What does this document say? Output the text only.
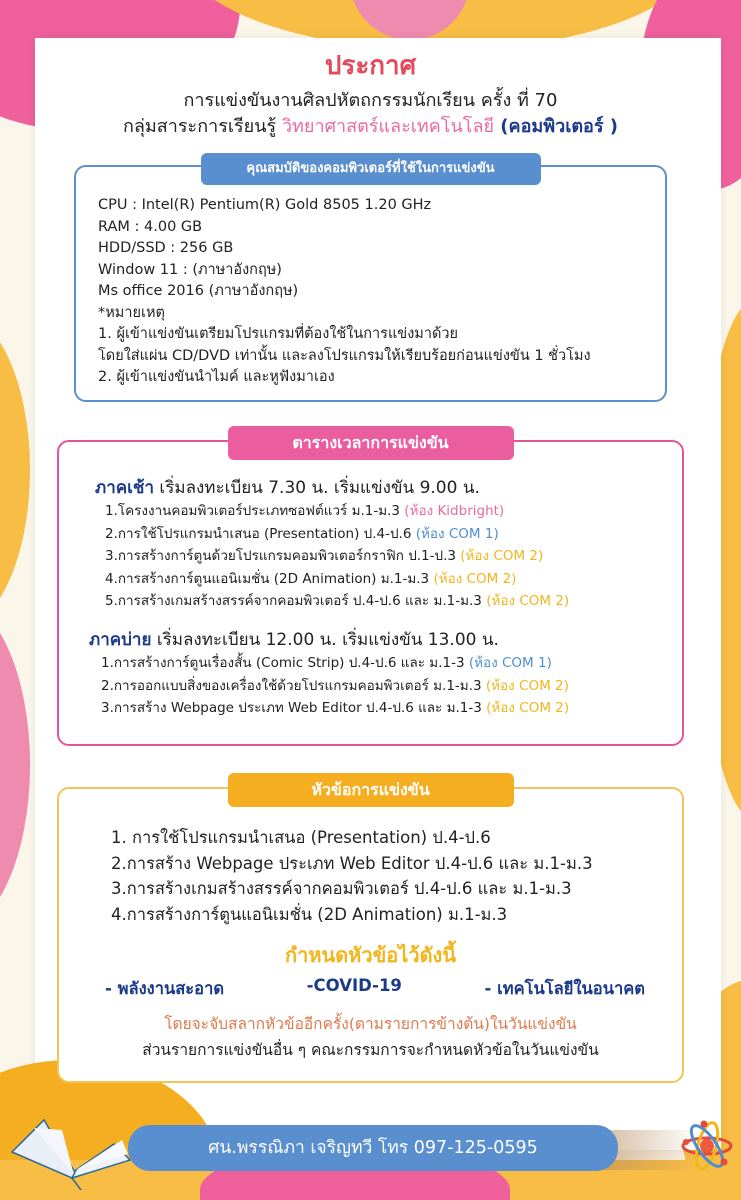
ประกาศ
การแข่งขันงานศิลปหัตถกรรมนักเรียน ครั้ง ที่ 70
กลุ่มสาระการเรียนรู้ วิทยาศาสตร์และเทคโนโลยี (คอมพิวเตอร์ )
คุณสมบัติของคอมพิวเตอร์ที่ใช้ในการแข่งขัน
CPU : Intel(R) Pentium(R) Gold 8505 1.20 GHz
RAM : 4.00 GB
HDD/SSD : 256 GB
Window 11 : (ภาษาอังกฤษ)
Ms office 2016 (ภาษาอังกฤษ)
*หมายเหตุ
1. ผู้เข้าแข่งขันเตรียมโปรแกรมที่ต้องใช้ในการแข่งมาด้วย
โดยใส่แผ่น CD/DVD เท่านั้น และลงโปรแกรมให้เรียบร้อยก่อนแข่งขัน 1 ชั่วโมง
2. ผู้เข้าแข่งขันนำไมค์ และหูฟังมาเอง
ตารางเวลาการแข่งขัน
ภาคเช้า เริ่มลงทะเบียน 7.30 น. เริ่มแข่งขัน 9.00 น.
1.โครงงานคอมพิวเตอร์ประเภทซอฟต์แวร์ ม.1-ม.3 (ห้อง Kidbright)
2.การใช้โปรแกรมนำเสนอ (Presentation) ป.4-ป.6 (ห้อง COM 1)
3.การสร้างการ์ตูนด้วยโปรแกรมคอมพิวเตอร์กราฟิก ป.1-ป.3 (ห้อง COM 2)
4.การสร้างการ์ตูนแอนิเมชั่น (2D Animation) ม.1-ม.3 (ห้อง COM 2)
5.การสร้างเกมสร้างสรรค์จากคอมพิวเตอร์ ป.4-ป.6 และ ม.1-ม.3 (ห้อง COM 2)
ภาคบ่าย เริ่มลงทะเบียน 12.00 น. เริ่มแข่งขัน 13.00 น.
1.การสร้างการ์ตูนเรื่องสั้น (Comic Strip) ป.4-ป.6 และ ม.1-3 (ห้อง COM 1)
2.การออกแบบสิ่งของเครื่องใช้ด้วยโปรแกรมคอมพิวเตอร์ ม.1-ม.3 (ห้อง COM 2)
3.การสร้าง Webpage ประเภท Web Editor ป.4-ป.6 และ ม.1-3 (ห้อง COM 2)
หัวข้อการแข่งขัน
1. การใช้โปรแกรมนำเสนอ (Presentation) ป.4-ป.6
2.การสร้าง Webpage ประเภท Web Editor ป.4-ป.6 และ ม.1-ม.3
3.การสร้างเกมสร้างสรรค์จากคอมพิวเตอร์ ป.4-ป.6 และ ม.1-ม.3
4.การสร้างการ์ตูนแอนิเมชั่น (2D Animation) ม.1-ม.3
กำหนดหัวข้อไว้ดังนี้
- พลังงานสะอาด	-COVID-19	- เทคโนโลยีในอนาคต
โดยจะจับสลากหัวข้ออีกครั้ง(ตามรายการข้างต้น)ในวันแข่งขัน
ส่วนรายการแข่งขันอื่น ๆ คณะกรรมการจะกำหนดหัวข้อในวันแข่งขัน
ศน.พรรณิภา เจริญทวี โทร 097-125-0595
